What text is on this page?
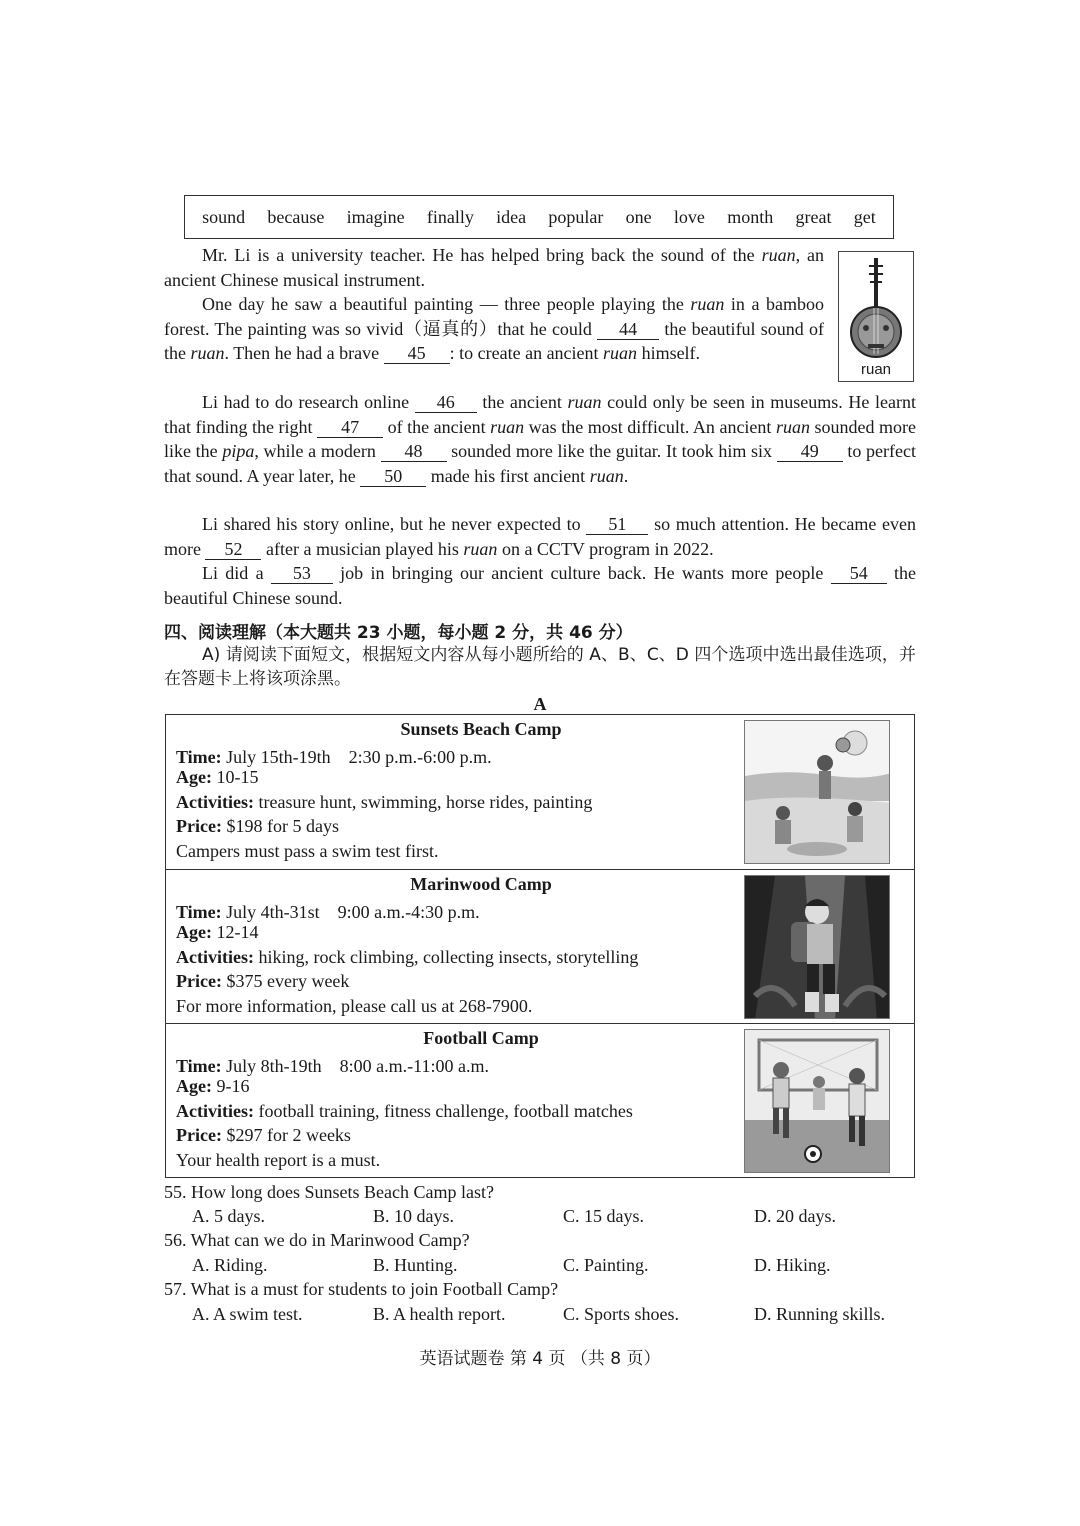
sound because imagine finally idea popular one love month great get
ruan
Mr. Li is a university teacher. He has helped bring back the sound of the ruan, an ancient Chinese musical instrument.
One day he saw a beautiful painting — three people playing the ruan in a bamboo forest. The painting was so vivid（逼真的）that he could 44 the beautiful sound of the ruan. Then he had a brave 45 : to create an ancient ruan himself.
Li had to do research online 46 the ancient ruan could only be seen in museums. He learnt that finding the right 47 of the ancient ruan was the most difficult. An ancient ruan sounded more like the pipa, while a modern 48 sounded more like the guitar. It took him six 49 to perfect that sound. A year later, he 50 made his first ancient ruan.
Li shared his story online, but he never expected to 51 so much attention. He became even more 52 after a musician played his ruan on a CCTV program in 2022.
Li did a 53 job in bringing our ancient culture back. He wants more people 54 the beautiful Chinese sound.
四、阅读理解（本大题共 23 小题，每小题 2 分，共 46 分）
A) 请阅读下面短文，根据短文内容从每小题所给的 A、B、C、D 四个选项中选出最佳选项，并在答题卡上将该项涂黑。
A
Sunsets Beach Camp
Time: July 15th-19th　2:30 p.m.-6:00 p.m.
Age: 10-15
Activities: treasure hunt, swimming, horse rides, painting
Price: $198 for 5 days
Campers must pass a swim test first.
Marinwood Camp
Time: July 4th-31st　9:00 a.m.-4:30 p.m.
Age: 12-14
Activities: hiking, rock climbing, collecting insects, storytelling
Price: $375 every week
For more information, please call us at 268-7900.
Football Camp
Time: July 8th-19th　8:00 a.m.-11:00 a.m.
Age: 9-16
Activities: football training, fitness challenge, football matches
Price: $297 for 2 weeks
Your health report is a must.
55. How long does Sunsets Beach Camp last?
A. 5 days.	B. 10 days.	C. 15 days.	D. 20 days.
56. What can we do in Marinwood Camp?
A. Riding.	B. Hunting.	C. Painting.	D. Hiking.
57. What is a must for students to join Football Camp?
A. A swim test.	B. A health report.	C. Sports shoes.	D. Running skills.
英语试题卷 第 4 页 （共 8 页）
